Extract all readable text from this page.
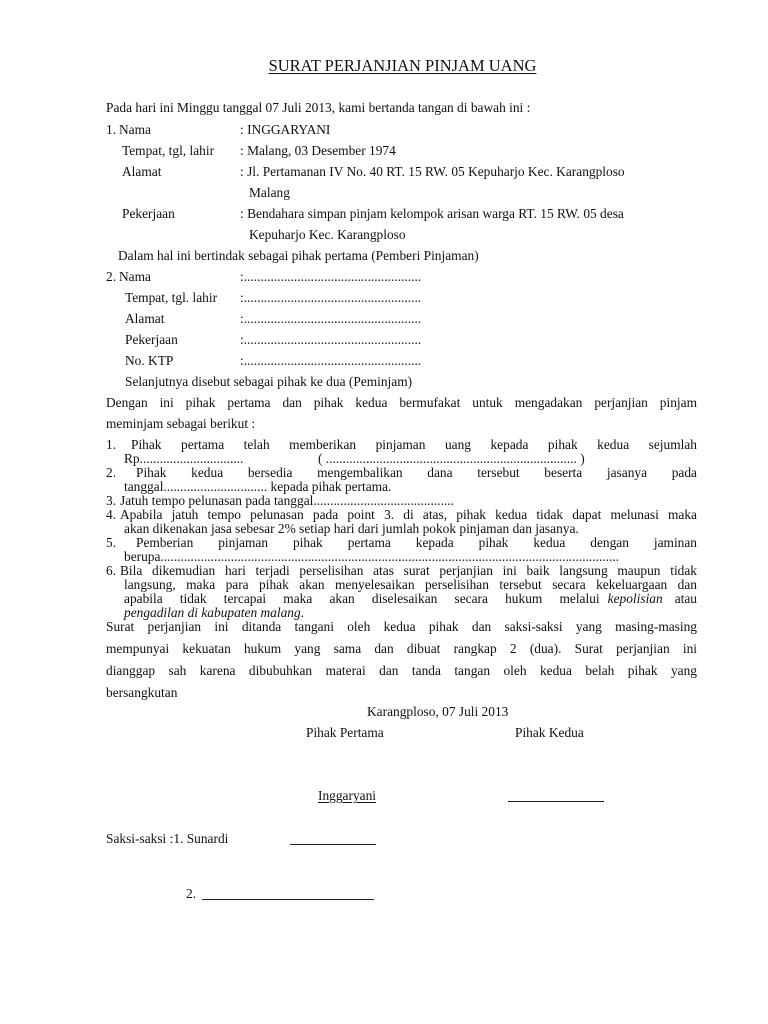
SURAT PERJANJIAN PINJAM UANG
Pada hari ini Minggu tanggal 07 Juli 2013, kami bertanda tangan di bawah ini :
1. Nama	: INGGARYANI
Tempat, tgl, lahir : Malang, 03 Desember 1974
Alamat	: Jl. Pertamanan IV No. 40 RT. 15 RW. 05 Kepuharjo Kec. Karangploso
Malang
Pekerjaan	: Bendahara simpan pinjam kelompok arisan warga RT. 15 RW. 05 desa
Kepuharjo Kec. Karangploso
Dalam hal ini bertindak sebagai pihak pertama (Pemberi Pinjaman)
2. Nama	:.....................................................
Tempat, tgl. lahir :.....................................................
Alamat	:.....................................................
Pekerjaan	:.....................................................
No. KTP	:.....................................................
Selanjutnya disebut sebagai pihak ke dua (Peminjam)
Dengan ini pihak pertama dan pihak kedua bermufakat untuk mengadakan perjanjian pinjam
meminjam sebagai berikut :
1. Pihak pertama telah memberikan pinjaman uang kepada pihak kedua sejumlah
Rp...............................	( ........................................................................... )
2. Pihak kedua bersedia mengembalikan dana tersebut beserta jasanya pada
tanggal............................... kepada pihak pertama.
3. Jatuh tempo pelunasan pada tanggal..........................................
4. Apabila jatuh tempo pelunasan pada point 3. di atas, pihak kedua tidak dapat melunasi maka
akan dikenakan jasa sebesar 2% setiap hari dari jumlah pokok pinjaman dan jasanya.
5. Pemberian pinjaman pihak pertama kepada pihak kedua dengan jaminan
berupa.........................................................................................................................................
6. Bila dikemudian hari terjadi perselisihan atas surat perjanjian ini baik langsung maupun tidak
langsung, maka para pihak akan menyelesaikan perselisihan tersebut secara kekeluargaan dan
apabila tidak tercapai maka akan diselesaikan secara hukum melalui kepolisian atau
pengadilan di kabupaten malang.
Surat perjanjian ini ditanda tangani oleh kedua pihak dan saksi-saksi yang masing-masing
mempunyai kekuatan hukum yang sama dan dibuat rangkap 2 (dua). Surat perjanjian ini
dianggap sah karena dibubuhkan materai dan tanda tangan oleh kedua belah pihak yang
bersangkutan
Karangploso, 07 Juli 2013
Pihak Pertama	Pihak Kedua
Inggaryani
Saksi-saksi :1. Sunardi
2.
